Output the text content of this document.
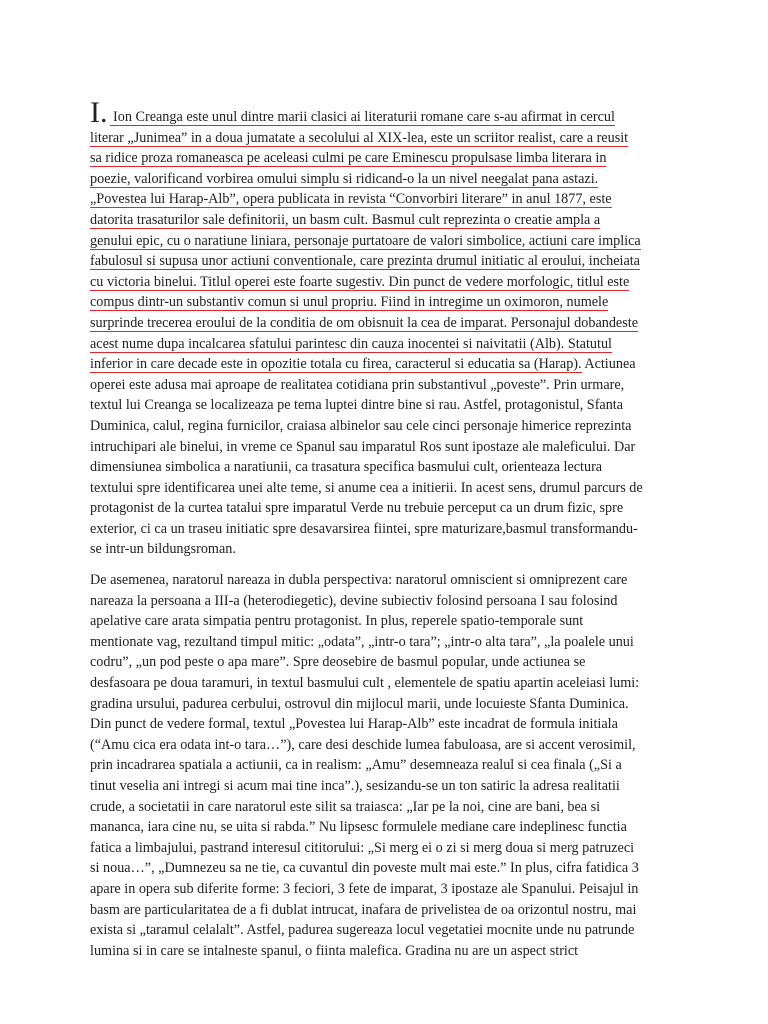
I. Ion Creanga este unul dintre marii clasici ai literaturii romane care s-au afirmat in cercul
literar „Junimea” in a doua jumatate a secolului al XIX-lea, este un scriitor realist, care a reusit
sa ridice proza romaneasca pe aceleasi culmi pe care Eminescu propulsase limba literara in
poezie, valorificand vorbirea omului simplu si ridicand-o la un nivel neegalat pana astazi.
„Povestea lui Harap-Alb”, opera publicata in revista “Convorbiri literare” in anul 1877, este
datorita trasaturilor sale definitorii, un basm cult. Basmul cult reprezinta o creatie ampla a
genului epic, cu o naratiune liniara, personaje purtatoare de valori simbolice, actiuni care implica
fabulosul si supusa unor actiuni conventionale, care prezinta drumul initiatic al eroului, incheiata
cu victoria binelui. Titlul operei este foarte sugestiv. Din punct de vedere morfologic, titlul este
compus dintr-un substantiv comun si unul propriu. Fiind in intregime un oximoron, numele
surprinde trecerea eroului de la conditia de om obisnuit la cea de imparat. Personajul dobandeste
acest nume dupa incalcarea sfatului parintesc din cauza inocentei si naivitatii (Alb). Statutul
inferior in care decade este in opozitie totala cu firea, caracterul si educatia sa (Harap). Actiunea
operei este adusa mai aproape de realitatea cotidiana prin substantivul „poveste”. Prin urmare,
textul lui Creanga se localizeaza pe tema luptei dintre bine si rau. Astfel, protagonistul, Sfanta
Duminica, calul, regina furnicilor, craiasa albinelor sau cele cinci personaje himerice reprezinta
intruchipari ale binelui, in vreme ce Spanul sau imparatul Ros sunt ipostaze ale maleficului. Dar
dimensiunea simbolica a naratiunii, ca trasatura specifica basmului cult, orienteaza lectura
textului spre identificarea unei alte teme, si anume cea a initierii. In acest sens, drumul parcurs de
protagonist de la curtea tatalui spre imparatul Verde nu trebuie perceput ca un drum fizic, spre
exterior, ci ca un traseu initiatic spre desavarsirea fiintei, spre maturizare,basmul transformandu-
se intr-un bildungsroman.
De asemenea, naratorul nareaza in dubla perspectiva: naratorul omniscient si omniprezent care
nareaza la persoana a III-a (heterodiegetic), devine subiectiv folosind persoana I sau folosind
apelative care arata simpatia pentru protagonist. In plus, reperele spatio-temporale sunt
mentionate vag, rezultand timpul mitic: „odata”, „intr-o tara”; „intr-o alta tara”, „la poalele unui
codru”, „un pod peste o apa mare”. Spre deosebire de basmul popular, unde actiunea se
desfasoara pe doua taramuri, in textul basmului cult , elementele de spatiu apartin aceleiasi lumi:
gradina ursului, padurea cerbului, ostrovul din mijlocul marii, unde locuieste Sfanta Duminica.
Din punct de vedere formal, textul „Povestea lui Harap-Alb” este incadrat de formula initiala
(“Amu cica era odata int-o tara…”), care desi deschide lumea fabuloasa, are si accent verosimil,
prin incadrarea spatiala a actiunii, ca in realism: „Amu” desemneaza realul si cea finala („Si a
tinut veselia ani intregi si acum mai tine inca”.), sesizandu-se un ton satiric la adresa realitatii
crude, a societatii in care naratorul este silit sa traiasca: „Iar pe la noi, cine are bani, bea si
mananca, iara cine nu, se uita si rabda.” Nu lipsesc formulele mediane care indeplinesc functia
fatica a limbajului, pastrand interesul cititorului: „Si merg ei o zi si merg doua si merg patruzeci
si noua…”, „Dumnezeu sa ne tie, ca cuvantul din poveste mult mai este.” In plus, cifra fatidica 3
apare in opera sub diferite forme: 3 feciori, 3 fete de imparat, 3 ipostaze ale Spanului. Peisajul in
basm are particularitatea de a fi dublat intrucat, inafara de privelistea de oa orizontul nostru, mai
exista si „taramul celalalt”. Astfel, padurea sugereaza locul vegetatiei mocnite unde nu patrunde
lumina si in care se intalneste spanul, o fiinta malefica. Gradina nu are un aspect strict
